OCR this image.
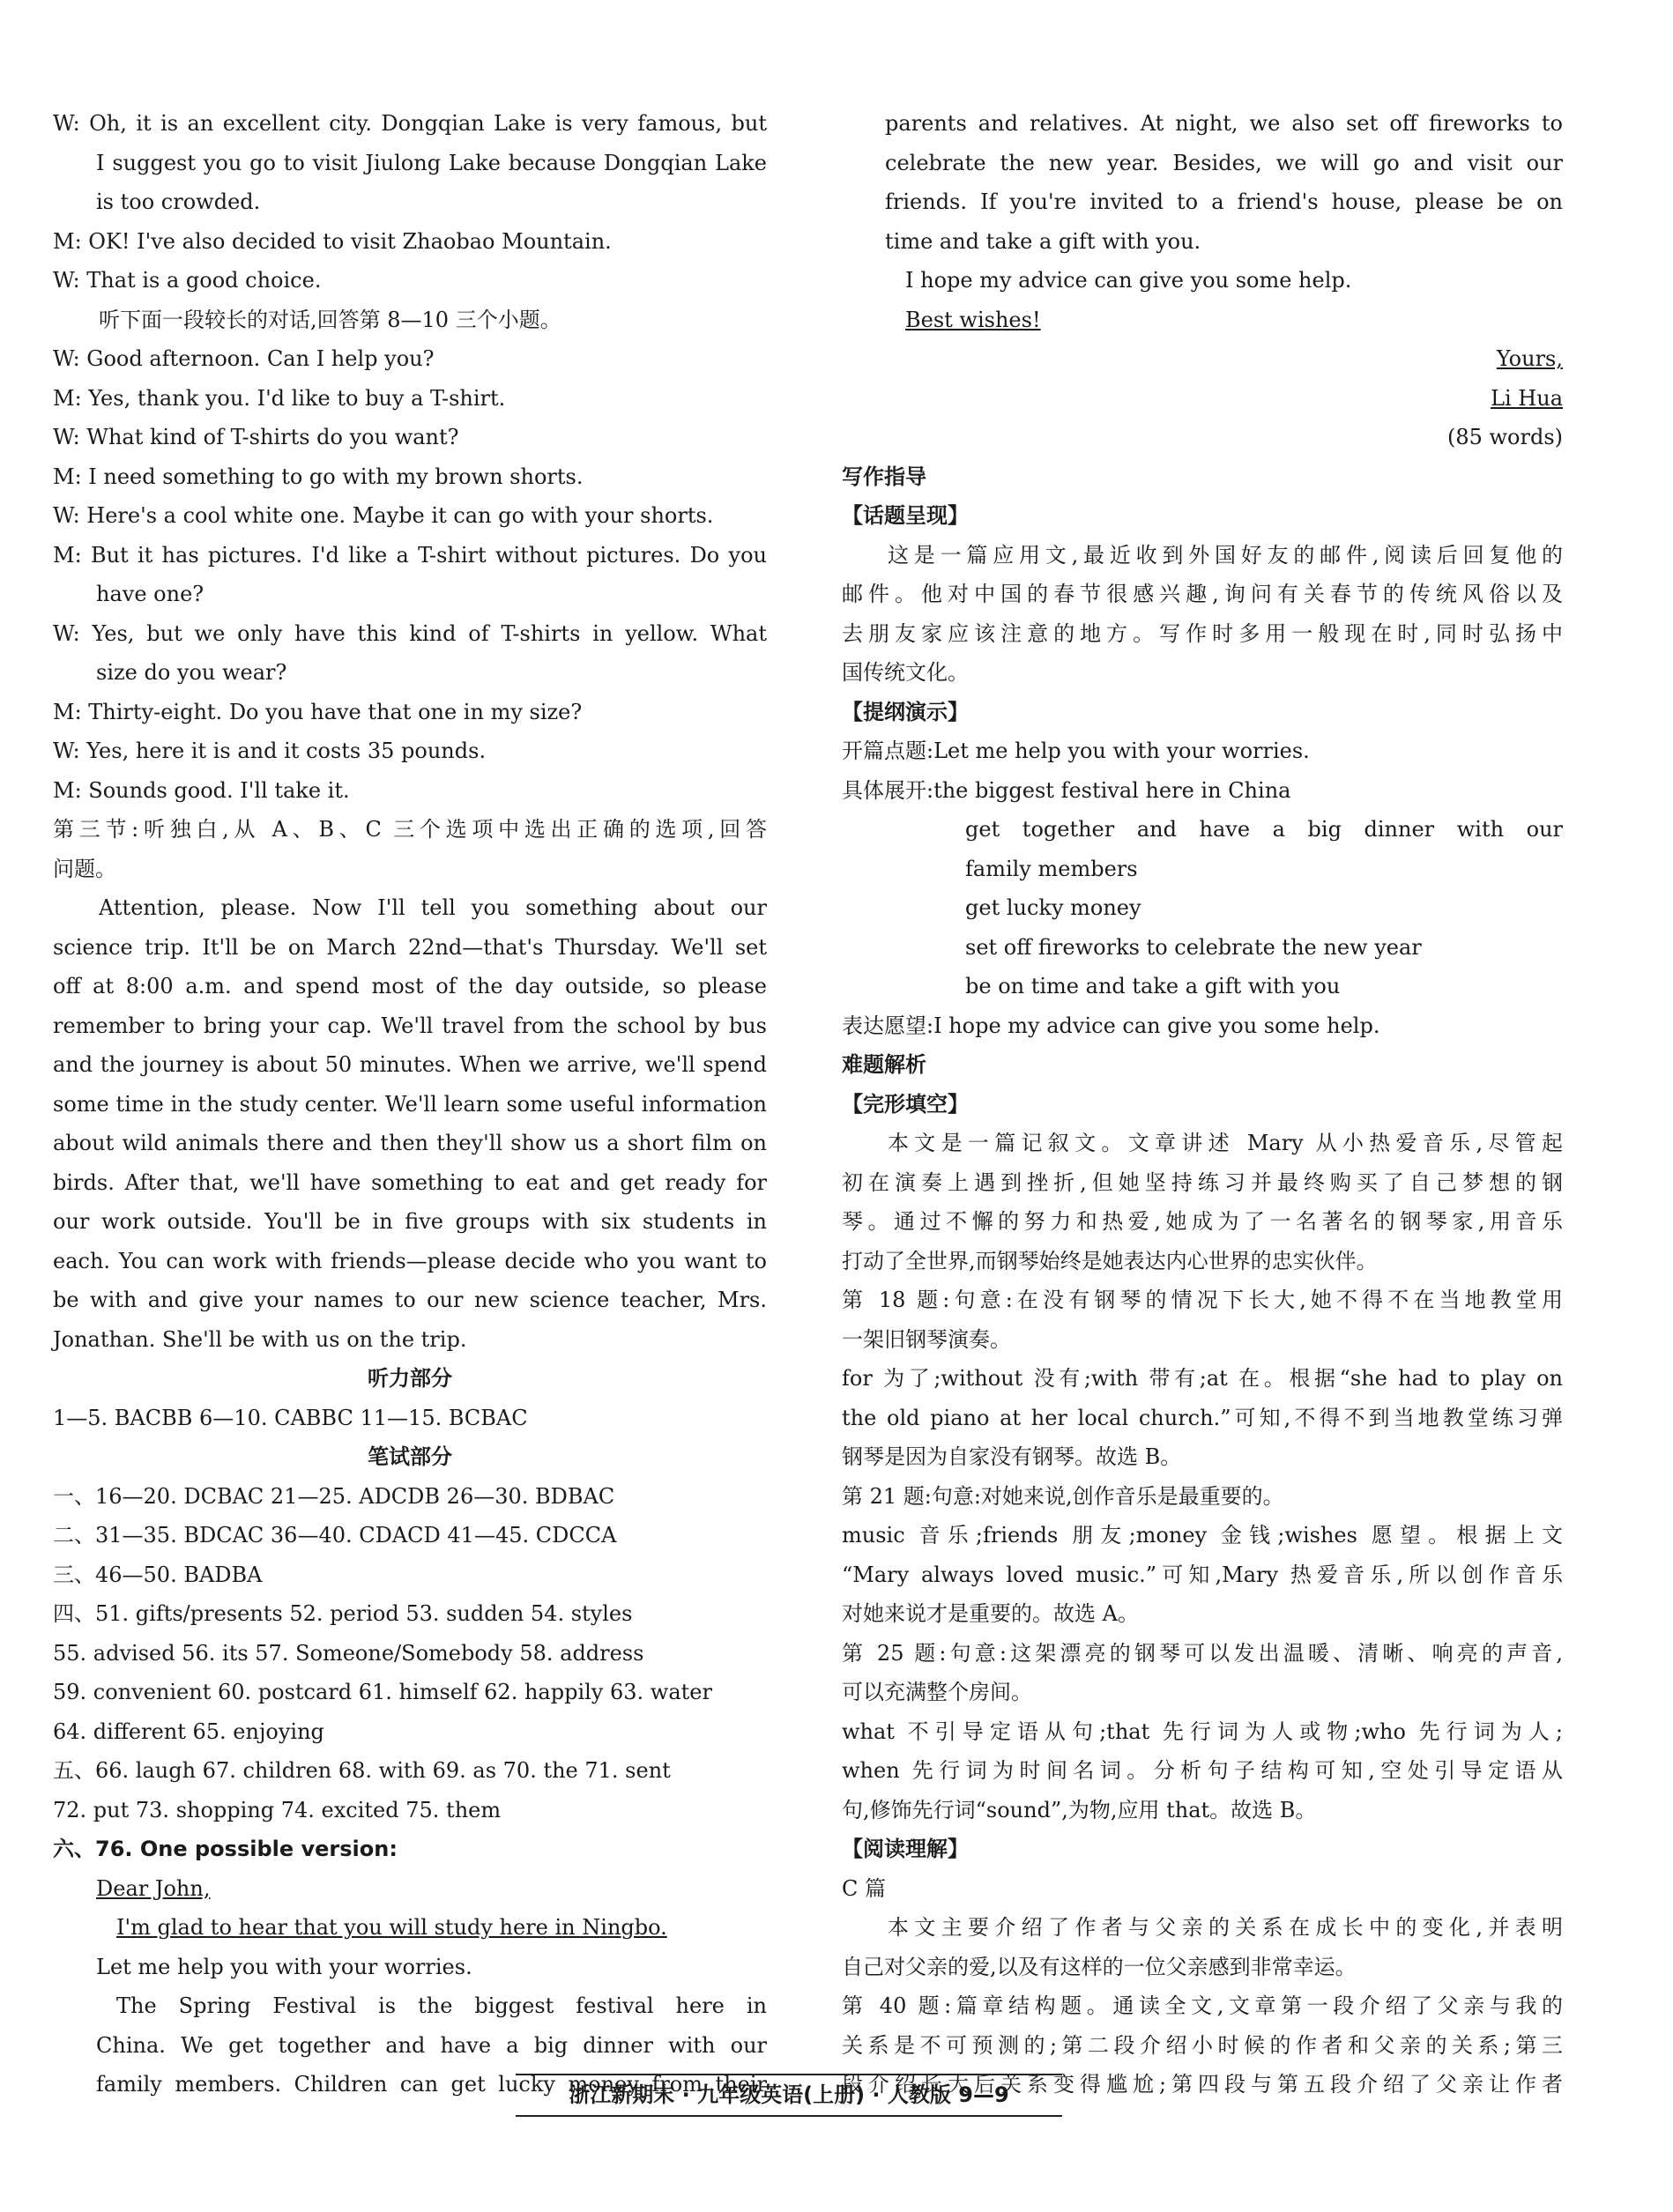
W: Oh, it is an excellent city. Dongqian Lake is very famous, but
I suggest you go to visit Jiulong Lake because Dongqian Lake
is too crowded.
M: OK! I've also decided to visit Zhaobao Mountain.
W: That is a good choice.
听下面一段较长的对话,回答第 8—10 三个小题。
W: Good afternoon. Can I help you?
M: Yes, thank you. I'd like to buy a T-shirt.
W: What kind of T-shirts do you want?
M: I need something to go with my brown shorts.
W: Here's a cool white one. Maybe it can go with your shorts.
M: But it has pictures. I'd like a T-shirt without pictures. Do you
have one?
W: Yes, but we only have this kind of T-shirts in yellow. What
size do you wear?
M: Thirty-eight. Do you have that one in my size?
W: Yes, here it is and it costs 35 pounds.
M: Sounds good. I'll take it.
第三节:听独白,从 A、B、C 三个选项中选出正确的选项,回答
问题。
Attention, please. Now I'll tell you something about our
science trip. It'll be on March 22nd—that's Thursday. We'll set
off at 8:00 a.m. and spend most of the day outside, so please
remember to bring your cap. We'll travel from the school by bus
and the journey is about 50 minutes. When we arrive, we'll spend
some time in the study center. We'll learn some useful information
about wild animals there and then they'll show us a short film on
birds. After that, we'll have something to eat and get ready for
our work outside. You'll be in five groups with six students in
each. You can work with friends—please decide who you want to
be with and give your names to our new science teacher, Mrs.
Jonathan. She'll be with us on the trip.
听力部分
1—5. BACBB 6—10. CABBC 11—15. BCBAC
笔试部分
一、16—20. DCBAC 21—25. ADCDB 26—30. BDBAC
二、31—35. BDCAC 36—40. CDACD 41—45. CDCCA
三、46—50. BADBA
四、51. gifts/presents 52. period 53. sudden 54. styles
55. advised 56. its 57. Someone/Somebody 58. address
59. convenient 60. postcard 61. himself 62. happily 63. water
64. different 65. enjoying
五、66. laugh 67. children 68. with 69. as 70. the 71. sent
72. put 73. shopping 74. excited 75. them
六、76. One possible version:
Dear John,
I'm glad to hear that you will study here in Ningbo.
Let me help you with your worries.
The Spring Festival is the biggest festival here in
China. We get together and have a big dinner with our
family members. Children can get lucky money from their
parents and relatives. At night, we also set off fireworks to
celebrate the new year. Besides, we will go and visit our
friends. If you're invited to a friend's house, please be on
time and take a gift with you.
I hope my advice can give you some help.
Best wishes!
Yours,
Li Hua
(85 words)
写作指导
【话题呈现】
这是一篇应用文,最近收到外国好友的邮件,阅读后回复他的
邮件。他对中国的春节很感兴趣,询问有关春节的传统风俗以及
去朋友家应该注意的地方。写作时多用一般现在时,同时弘扬中
国传统文化。
【提纲演示】
开篇点题:Let me help you with your worries.
具体展开:the biggest festival here in China
get together and have a big dinner with our
family members
get lucky money
set off fireworks to celebrate the new year
be on time and take a gift with you
表达愿望:I hope my advice can give you some help.
难题解析
【完形填空】
本文是一篇记叙文。文章讲述 Mary 从小热爱音乐,尽管起
初在演奏上遇到挫折,但她坚持练习并最终购买了自己梦想的钢
琴。通过不懈的努力和热爱,她成为了一名著名的钢琴家,用音乐
打动了全世界,而钢琴始终是她表达内心世界的忠实伙伴。
第 18 题:句意:在没有钢琴的情况下长大,她不得不在当地教堂用
一架旧钢琴演奏。
for 为了;without 没有;with 带有;at 在。根据“she had to play on
the old piano at her local church.”可知,不得不到当地教堂练习弹
钢琴是因为自家没有钢琴。故选 B。
第 21 题:句意:对她来说,创作音乐是最重要的。
music 音乐;friends 朋友;money 金钱;wishes 愿望。根据上文
“Mary always loved music.”可知,Mary 热爱音乐,所以创作音乐
对她来说才是重要的。故选 A。
第 25 题:句意:这架漂亮的钢琴可以发出温暖、清晰、响亮的声音,
可以充满整个房间。
what 不引导定语从句;that 先行词为人或物;who 先行词为人;
when 先行词为时间名词。分析句子结构可知,空处引导定语从
句,修饰先行词“sound”,为物,应用 that。故选 B。
【阅读理解】
C 篇
本文主要介绍了作者与父亲的关系在成长中的变化,并表明
自己对父亲的爱,以及有这样的一位父亲感到非常幸运。
第 40 题:篇章结构题。通读全文,文章第一段介绍了父亲与我的
关系是不可预测的;第二段介绍小时候的作者和父亲的关系;第三
段介绍长大后关系变得尴尬;第四段与第五段介绍了父亲让作者
浙江新期末 · 九年级英语(上册) · 人教版 9—9
